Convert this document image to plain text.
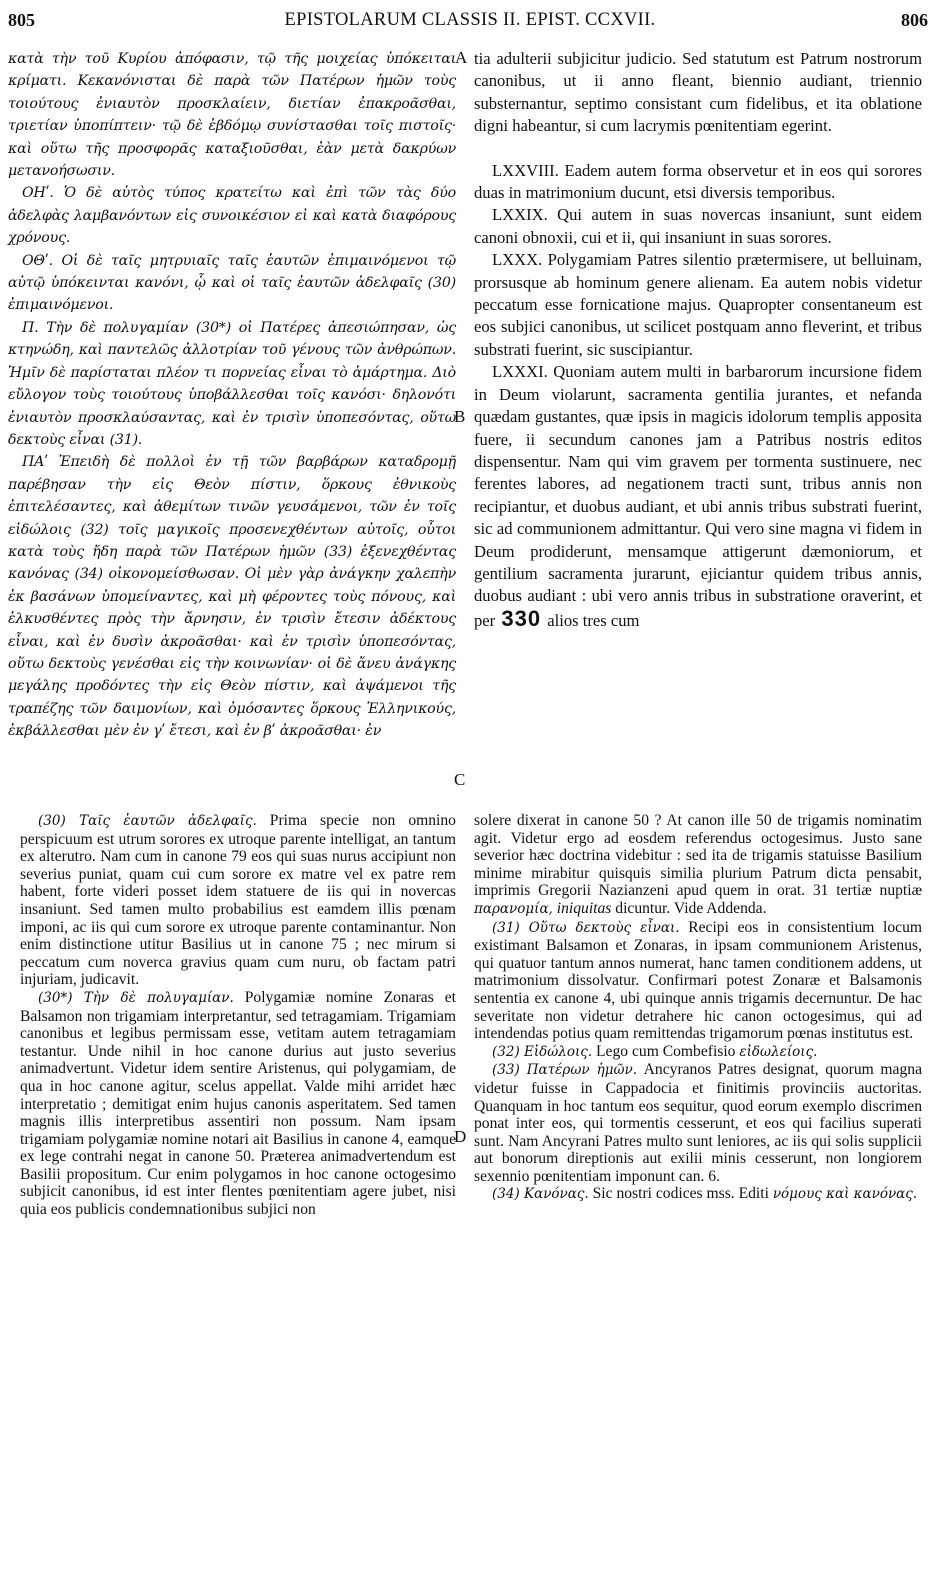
805	EPISTOLARUM CLASSIS II. EPIST. CCXVII.	806
A
B
C
D

κατὰ τὴν τοῦ Κυρίου ἀπόφασιν, τῷ τῆς μοιχείας ὑπόκειται κρίματι. Κεκανόνισται δὲ παρὰ τῶν Πατέρων ἡμῶν τοὺς τοιούτους ἐνιαυτὸν προσκλαίειν, διετίαν ἐπακροᾶσθαι, τριετίαν ὑποπίπτειν· τῷ δὲ ἑβδόμῳ συνίστασθαι τοῖς πιστοῖς· καὶ οὕτω τῆς προσφορᾶς καταξιοῦσθαι, ἐὰν μετὰ δακρύων μετανοήσωσιν.

ΟΗʹ. Ὁ δὲ αὐτὸς τύπος κρατείτω καὶ ἐπὶ τῶν τὰς δύο ἀδελφὰς λαμβανόντων εἰς συνοικέσιον εἰ καὶ κατὰ διαφόρους χρόνους.

ΟΘʹ. Οἱ δὲ ταῖς μητρυιαῖς ταῖς ἑαυτῶν ἐπιμαινόμενοι τῷ αὐτῷ ὑπόκεινται κανόνι, ᾧ καὶ οἱ ταῖς ἑαυτῶν ἀδελφαῖς (30) ἐπιμαινόμενοι.

Π. Τὴν δὲ πολυγαμίαν (30*) οἱ Πατέρες ἀπεσιώπησαν, ὡς κτηνώδη, καὶ παντελῶς ἀλλοτρίαν τοῦ γένους τῶν ἀνθρώπων. Ἡμῖν δὲ παρίσταται πλέον τι πορνείας εἶναι τὸ ἁμάρτημα. Διὸ εὔλογον τοὺς τοιούτους ὑποβάλλεσθαι τοῖς κανόσι· δηλονότι ἐνιαυτὸν προσκλαύσαντας, καὶ ἐν τρισὶν ὑποπεσόντας, οὕτω δεκτοὺς εἶναι (31).

ΠΑʹ Ἐπειδὴ δὲ πολλοὶ ἐν τῇ τῶν βαρβάρων καταδρομῇ παρέβησαν τὴν εἰς Θεὸν πίστιν, ὅρκους ἐθνικοὺς ἐπιτελέσαντες, καὶ ἀθεμίτων τινῶν γευσάμενοι, τῶν ἐν τοῖς εἰδώλοις (32) τοῖς μαγικοῖς προσενεχθέντων αὐτοῖς, οὗτοι κατὰ τοὺς ἤδη παρὰ τῶν Πατέρων ἡμῶν (33) ἐξενεχθέντας κανόνας (34) οἰκονομείσθωσαν. Οἱ μὲν γὰρ ἀνάγκην χαλεπὴν ἐκ βασάνων ὑπομείναντες, καὶ μὴ φέροντες τοὺς πόνους, καὶ ἑλκυσθέντες πρὸς τὴν ἄρνησιν, ἐν τρισὶν ἔτεσιν ἀδέκτους εἶναι, καὶ ἐν δυσὶν ἀκροᾶσθαι· καὶ ἐν τρισὶν ὑποπεσόντας, οὕτω δεκτοὺς γενέσθαι εἰς τὴν κοινωνίαν· οἱ δὲ ἄνευ ἀνάγκης μεγάλης προδόντες τὴν εἰς Θεὸν πίστιν, καὶ ἀψάμενοι τῆς τραπέζης τῶν δαιμονίων, καὶ ὀμόσαντες ὅρκους Ἑλληνικούς, ἐκβάλλεσθαι μὲν ἐν γʹ ἔτεσι, καὶ ἐν βʹ ἀκροᾶσθαι· ἐν

tia adulterii subjicitur judicio. Sed statutum est Patrum nostrorum canonibus, ut ii anno fleant, biennio audiant, triennio substernantur, septimo consistant cum fidelibus, et ita oblatione digni habeantur, si cum lacrymis pœnitentiam egerint.

LXXVIII. Eadem autem forma observetur et in eos qui sorores duas in matrimonium ducunt, etsi diversis temporibus.

LXXIX. Qui autem in suas novercas insaniunt, sunt eidem canoni obnoxii, cui et ii, qui insaniunt in suas sorores.

LXXX. Polygamiam Patres silentio prætermisere, ut belluinam, prorsusque ab hominum genere alienam. Ea autem nobis videtur peccatum esse fornicatione majus. Quapropter consentaneum est eos subjici canonibus, ut scilicet postquam anno fleverint, et tribus substrati fuerint, sic suscipiantur.

LXXXI. Quoniam autem multi in barbarorum incursione fidem in Deum violarunt, sacramenta gentilia jurantes, et nefanda quædam gustantes, quæ ipsis in magicis idolorum templis apposita fuere, ii secundum canones jam a Patribus nostris editos dispensentur. Nam qui vim gravem per tormenta sustinuere, nec ferentes labores, ad negationem tracti sunt, tribus annis non recipiantur, et duobus audiant, et ubi annis tribus substrati fuerint, sic ad communionem admittantur. Qui vero sine magna vi fidem in Deum prodiderunt, mensamque attigerunt dæmoniorum, et gentilium sacramenta jurarunt, ejiciantur quidem tribus annis, duobus audiant : ubi vero annis tribus in substratione oraverint, et per 330 alios tres cum

(30) Ταῖς ἑαυτῶν ἀδελφαῖς. Prima specie non omnino perspicuum est utrum sorores ex utroque parente intelligat, an tantum ex alterutro. Nam cum in canone 79 eos qui suas nurus accipiunt non severius puniat, quam cui cum sorore ex matre vel ex patre rem habent, forte videri posset idem statuere de iis qui in novercas insaniunt. Sed tamen multo probabilius est eamdem illis pœnam imponi, ac iis qui cum sorore ex utroque parente contaminantur. Non enim distinctione utitur Basilius ut in canone 75 ; nec mirum si peccatum cum noverca gravius quam cum nuru, ob factam patri injuriam, judicavit.

(30*) Τὴν δὲ πολυγαμίαν. Polygamiæ nomine Zonaras et Balsamon non trigamiam interpretantur, sed tetragamiam. Trigamiam canonibus et legibus permissam esse, vetitam autem tetragamiam testantur. Unde nihil in hoc canone durius aut justo severius animadvertunt. Videtur idem sentire Aristenus, qui polygamiam, de qua in hoc canone agitur, scelus appellat. Valde mihi arridet hæc interpretatio ; demitigat enim hujus canonis asperitatem. Sed tamen magnis illis interpretibus assentiri non possum. Nam ipsam trigamiam polygamiæ nomine notari ait Basilius in canone 4, eamque ex lege contrahi negat in canone 50. Præterea animadvertendum est Basilii propositum. Cur enim polygamos in hoc canone octogesimo subjicit canonibus, id est inter flentes pœnitentiam agere jubet, nisi quia eos publicis condemnationibus subjici non

solere dixerat in canone 50 ? At canon ille 50 de trigamis nominatim agit. Videtur ergo ad eosdem referendus octogesimus. Justo sane severior hæc doctrina videbitur : sed ita de trigamis statuisse Basilium minime mirabitur quisquis similia plurium Patrum dicta pensabit, imprimis Gregorii Nazianzeni apud quem in orat. 31 tertiæ nuptiæ παρανομία, iniquitas dicuntur. Vide Addenda.

(31) Οὕτω δεκτοὺς εἶναι. Recipi eos in consistentium locum existimant Balsamon et Zonaras, in ipsam communionem Aristenus, qui quatuor tantum annos numerat, hanc tamen conditionem addens, ut matrimonium dissolvatur. Confirmari potest Zonaræ et Balsamonis sententia ex canone 4, ubi quinque annis trigamis decernuntur. De hac severitate non videtur detrahere hic canon octogesimus, qui ad intendendas potius quam remittendas trigamorum pœnas institutus est.

(32) Εἰδώλοις. Lego cum Combefisio εἰδωλείοις.

(33) Πατέρων ἡμῶν. Ancyranos Patres designat, quorum magna videtur fuisse in Cappadocia et finitimis provinciis auctoritas. Quanquam in hoc tantum eos sequitur, quod eorum exemplo discrimen ponat inter eos, qui tormentis cesserunt, et eos qui facilius superati sunt. Nam Ancyrani Patres multo sunt leniores, ac iis qui solis supplicii aut bonorum direptionis aut exilii minis cesserunt, non longiorem sexennio pœnitentiam imponunt can. 6.

(34) Κανόνας. Sic nostri codices mss. Editi νόμους καὶ κανόνας.
